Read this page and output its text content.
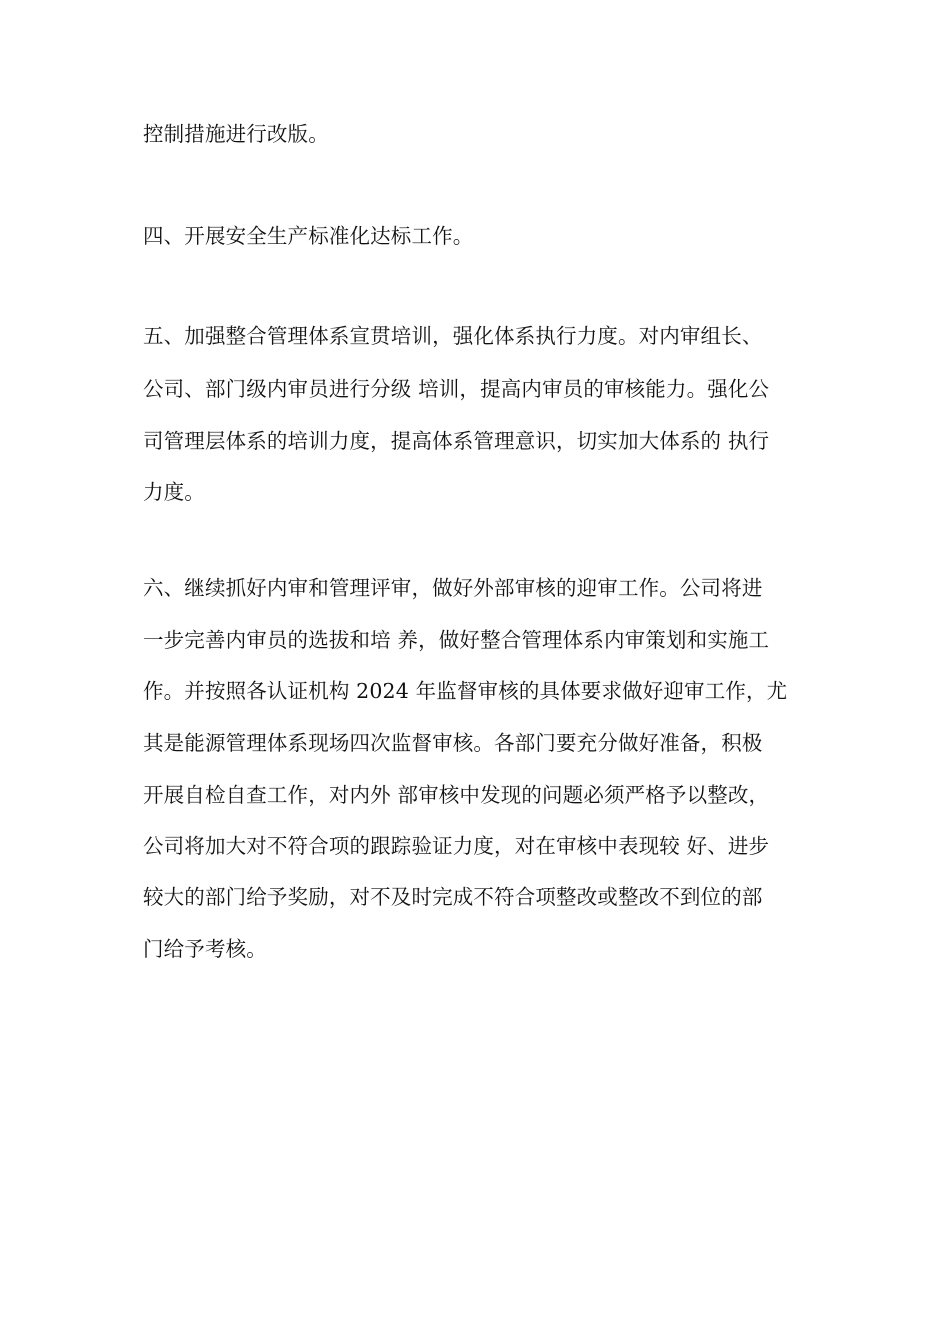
控制措施进行改版。
四、开展安全生产标准化达标工作。
五、加强整合管理体系宣贯培训，强化体系执行力度。对内审组长、
公司、部门级内审员进行分级 培训，提高内审员的审核能力。强化公
司管理层体系的培训力度，提高体系管理意识，切实加大体系的 执行
力度。
六、继续抓好内审和管理评审，做好外部审核的迎审工作。公司将进
一步完善内审员的选拔和培 养，做好整合管理体系内审策划和实施工
作。并按照各认证机构 2024 年监督审核的具体要求做好迎审工作，尤
其是能源管理体系现场四次监督审核。各部门要充分做好准备，积极
开展自检自查工作，对内外 部审核中发现的问题必须严格予以整改，
公司将加大对不符合项的跟踪验证力度，对在审核中表现较 好、进步
较大的部门给予奖励，对不及时完成不符合项整改或整改不到位的部
门给予考核。
